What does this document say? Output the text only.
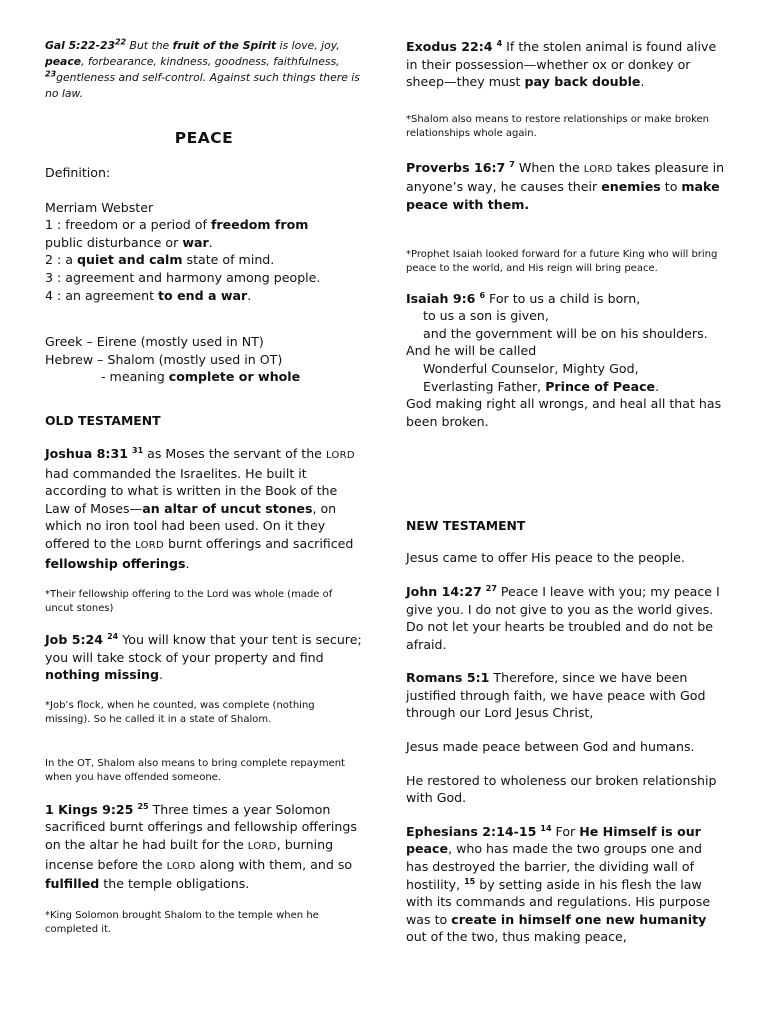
Gal $5:22-23^{22}$ But the fruit of the Spirit is love, joy, peace, forbearance, kindness, goodness, faithfulness, $^{23}$gentleness and self-control. Against such things there is no law.

PEACE

Definition:

Merriam Webster

1 : freedom or a period of freedom from
public disturbance or war.

2 : a quiet and calm state of mind.

3 : agreement and harmony among people.

4 : an agreement to end a war.

Greek – Eirene (mostly used in NT)

Hebrew – Shalom (mostly used in OT)

- meaning complete or whole

OLD TESTAMENT

Joshua 8:31 $^{31}$ as Moses the servant of the LORD had commanded the Israelites. He built it according to what is written in the Book of the Law of Moses—an altar of uncut stones, on which no iron tool had been used. On it they offered to the LORD burnt offerings and sacrificed fellowship offerings.

*Their fellowship offering to the Lord was whole (made of uncut stones)

Job 5:24 $^{24}$ You will know that your tent is secure; you will take stock of your property and find nothing missing.

*Job’s flock, when he counted, was complete (nothing missing). So he called it in a state of Shalom.

In the OT, Shalom also means to bring complete repayment when you have offended someone.

1 Kings 9:25 $^{25}$ Three times a year Solomon sacrificed burnt offerings and fellowship offerings on the altar he had built for the LORD, burning incense before the LORD along with them, and so fulfilled the temple obligations.

*King Solomon brought Shalom to the temple when he completed it.

Exodus 22:4 $^4$ If the stolen animal is found alive in their possession—whether ox or donkey or sheep—they must pay back double.

*Shalom also means to restore relationships or make broken relationships whole again.

Proverbs 16:7 $^7$ When the LORD takes pleasure in anyone’s way, he causes their enemies to make peace with them.

*Prophet Isaiah looked forward for a future King who will bring peace to the world, and His reign will bring peace.

Isaiah 9:6 $^6$ For to us a child is born,

to us a son is given,

and the government will be on his shoulders.

And he will be called

Wonderful Counselor, Mighty God,

Everlasting Father, Prince of Peace.

God making right all wrongs, and heal all that has been broken.

NEW TESTAMENT

Jesus came to offer His peace to the people.

John 14:27 $^{27}$ Peace I leave with you; my peace I give you. I do not give to you as the world gives. Do not let your hearts be troubled and do not be afraid.

Romans 5:1 Therefore, since we have been justified through faith, we have peace with God through our Lord Jesus Christ,

Jesus made peace between God and humans.

He restored to wholeness our broken relationship with God.

Ephesians 2:14-15 $^{14}$ For He Himself is our peace, who has made the two groups one and has destroyed the barrier, the dividing wall of hostility, $^{15}$ by setting aside in his flesh the law with its commands and regulations. His purpose was to create in himself one new humanity out of the two, thus making peace,
